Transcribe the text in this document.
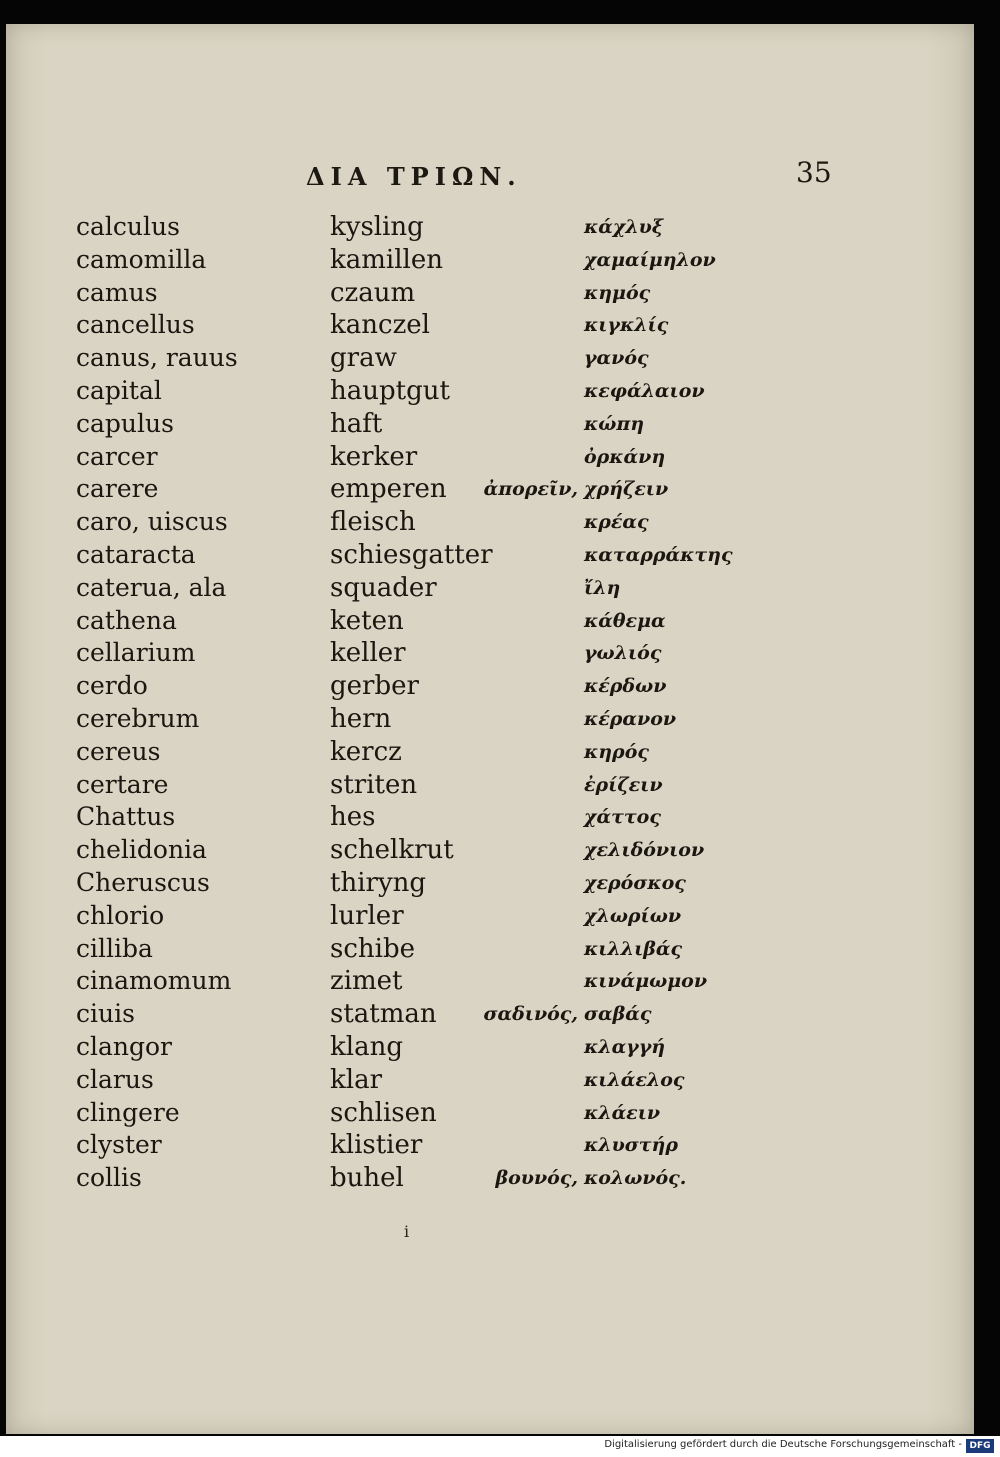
ΔΙΑ ΤΡΙΩΝ.	35
calculus	kysling	κάχλυξ
camomilla	kamillen	χαμαίμηλον
camus	czaum	κημός
cancellus	kanczel	κιγκλίς
canus, rauus	graw	γανός
capital	hauptgut	κεφάλαιον
capulus	haft	κώπη
carcer	kerker	ὀρκάνη
carere	emperen ἀπορεῖν, χρήζειν
caro, uiscus	fleisch	κρέας
cataracta	schiesgatter	καταρράκτης
caterua, ala	squader	ἴλη
cathena	keten	κάθεμα
cellarium	keller	γωλιός
cerdo	gerber	κέρδων
cerebrum	hern	κέρανον
cereus	kercz	κηρός
certare	striten	ἐρίζειν
Chattus	hes	χάττος
chelidonia	schelkrut	χελιδόνιον
Cheruscus	thiryng	χερόσκος
chlorio	lurler	χλωρίων
cilliba	schibe	κιλλιβάς
cinamomum	zimet	κινάμωμον
ciuis	statman σαδινός, σαβάς
clangor	klang	κλαγγή
clarus	klar	κιλάελος
clingere	schlisen	κλάειν
clyster	klistier	κλυστήρ
collis	buhel	βουνός, κολωνός.
i
Digitalisierung gefördert durch die Deutsche Forschungsgemeinschaft - DFG
